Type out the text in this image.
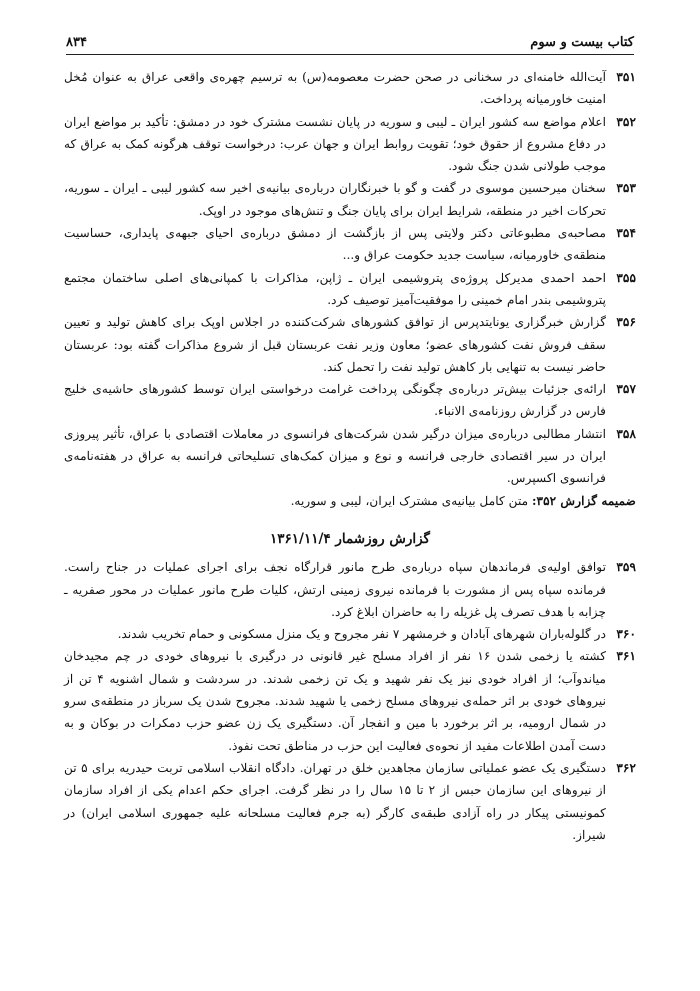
کتاب بیست و سوم
۸۳۴
۳۵۱
آیت‌الله خامنه‌ای در سخنانی در صحن حضرت معصومه(س) به ترسیم چهره‌ی واقعی عراق به عنوان مُخل امنیت خاورمیانه پرداخت.
۳۵۲
اعلام مواضع سه کشور ایران ـ لیبی و سوریه در پایان نشست مشترک خود در دمشق: تأکید بر مواضع ایران در دفاع مشروع از حقوق خود؛ تقویت روابط ایران و جهان عرب: درخواست توقف هرگونه کمک به عراق که موجب طولانی شدن جنگ شود.
۳۵۳
سخنان میرحسین موسوی در گفت و گو با خبرنگاران درباره‌ی بیانیه‌ی اخیر سه کشور لیبی ـ ایران ـ سوریه، تحرکات اخیر در منطقه، شرایط ایران برای پایان جنگ و تنش‌های موجود در اوپک.
۳۵۴
مصاحبه‌ی مطبوعاتی دکتر ولایتی پس از بازگشت از دمشق درباره‌ی احیای جبهه‌ی پایداری، حساسیت منطقه‌ی خاورمیانه، سیاست جدید حکومت عراق و...
۳۵۵
احمد احمدی مدیرکل پروژه‌ی پتروشیمی ایران ـ ژاپن، مذاکرات با کمپانی‌های اصلی ساختمان مجتمع پتروشیمی بندر امام خمینی را موفقیت‌آمیز توصیف کرد.
۳۵۶
گزارش خبرگزاری یونایتدپرس از توافق کشورهای شرکت‌کننده در اجلاس اوپک برای کاهش تولید و تعیین سقف فروش نفت کشورهای عضو؛ معاون وزیر نفت عربستان قبل از شروع مذاکرات گفته بود: عربستان حاضر نیست به تنهایی بار کاهش تولید نفت را تحمل کند.
۳۵۷
ارائه‌ی جزئیات بیش‌تر درباره‌ی چگونگی پرداخت غرامت درخواستی ایران توسط کشورهای حاشیه‌ی خلیج فارس در گزارش روزنامه‌ی الانباء.
۳۵۸
انتشار مطالبی درباره‌ی میزان درگیر شدن شرکت‌های فرانسوی در معاملات اقتصادی با عراق، تأثیر پیروزی ایران در سیر اقتصادی خارجی فرانسه و نوع و میزان کمک‌های تسلیحاتی فرانسه به عراق در هفته‌نامه‌ی فرانسوی اکسپرس.
ضمیمه گزارش ۳۵۲: متن کامل بیانیه‌ی مشترک ایران، لیبی و سوریه.
گزارش روزشمار ۱۳۶۱/۱۱/۴
۳۵۹
توافق اولیه‌ی فرماندهان سپاه درباره‌ی طرح مانور قرارگاه نجف برای اجرای عملیات در جناح راست. فرمانده سپاه پس از مشورت با فرمانده نیروی زمینی ارتش، کلیات طرح مانور عملیات در محور صفریه ـ چزابه با هدف تصرف پل غزیله را به حاضران ابلاغ کرد.
۳۶۰
در گلوله‌باران شهرهای آبادان و خرمشهر ۷ نفر مجروح و یک منزل مسکونی و حمام تخریب شدند.
۳۶۱
کشته یا زخمی شدن ۱۶ نفر از افراد مسلح غیر قانونی در درگیری با نیروهای خودی در چم مجیدخان میاندوآب؛ از افراد خودی نیز یک نفر شهید و یک تن زخمی شدند. در سردشت و شمال اشنویه ۴ تن از نیروهای خودی بر اثر حمله‌ی نیروهای مسلح زخمی یا شهید شدند. مجروح شدن یک سرباز در منطقه‌ی سرو در شمال ارومیه، بر اثر برخورد با مین و انفجار آن. دستگیری یک زن عضو حزب دمکرات در بوکان و به دست آمدن اطلاعات مفید از نحوه‌ی فعالیت این حزب در مناطق تحت نفوذ.
۳۶۲
دستگیری یک عضو عملیاتی سازمان مجاهدین خلق در تهران. دادگاه انقلاب اسلامی تربت حیدریه برای ۵ تن از نیروهای این سازمان حبس از ۲ تا ۱۵ سال را در نظر گرفت. اجرای حکم اعدام یکی از افراد سازمان کمونیستی پیکار در راه آزادی طبقه‌ی کارگر (به جرم فعالیت مسلحانه علیه جمهوری اسلامی ایران) در شیراز.
